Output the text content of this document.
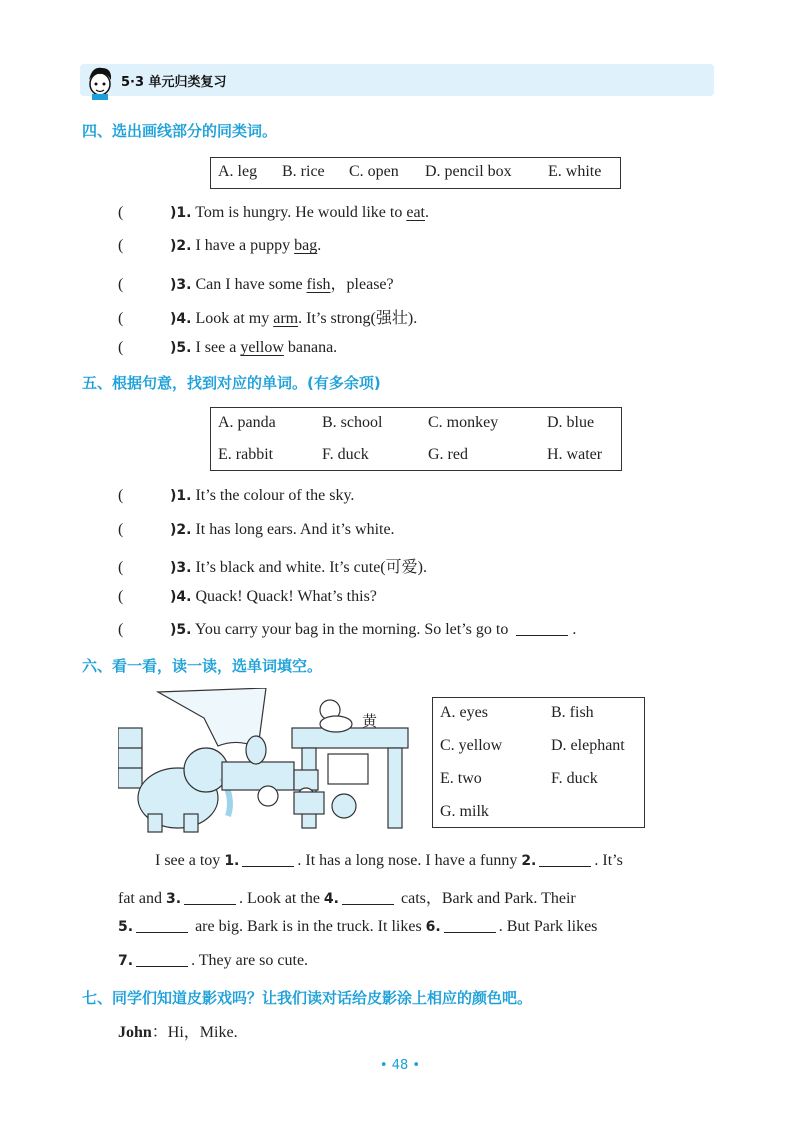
5·3 单元归类复习
四、选出画线部分的同类词。
A. leg B. rice C. open D. pencil box E. white
(	)1. Tom is hungry. He would like to eat.
(	)2. I have a puppy bag.
(	)3. Can I have some fish，please?
(	)4. Look at my arm. It’s strong(强壮).
(	)5. I see a yellow banana.
五、根据句意，找到对应的单词。(有多余项)
A. panda	B. school	C. monkey	D. blue
E. rabbit	F. duck	G. red	H. water
(	)1. It’s the colour of the sky.
(	)2. It has long ears. And it’s white.
(	)3. It’s black and white. It’s cute(可爱).
(	)4. Quack! Quack! What’s this?
(	)5. You carry your bag in the morning. So let’s go to	.
六、看一看，读一读，选单词填空。
黄	A. eyes	B. fish
C. yellow	D. elephant
E. two	F. duck
G. milk
I see a toy 1.	. It has a long nose. I have a funny 2.	. It’s
fat and 3.	. Look at the 4.	cats，Bark and Park. Their
5.	are big. Bark is in the truck. It likes 6.	. But Park likes
7.	. They are so cute.
七、同学们知道皮影戏吗？让我们读对话给皮影涂上相应的颜色吧。
John：Hi，Mike.
• 48 •
